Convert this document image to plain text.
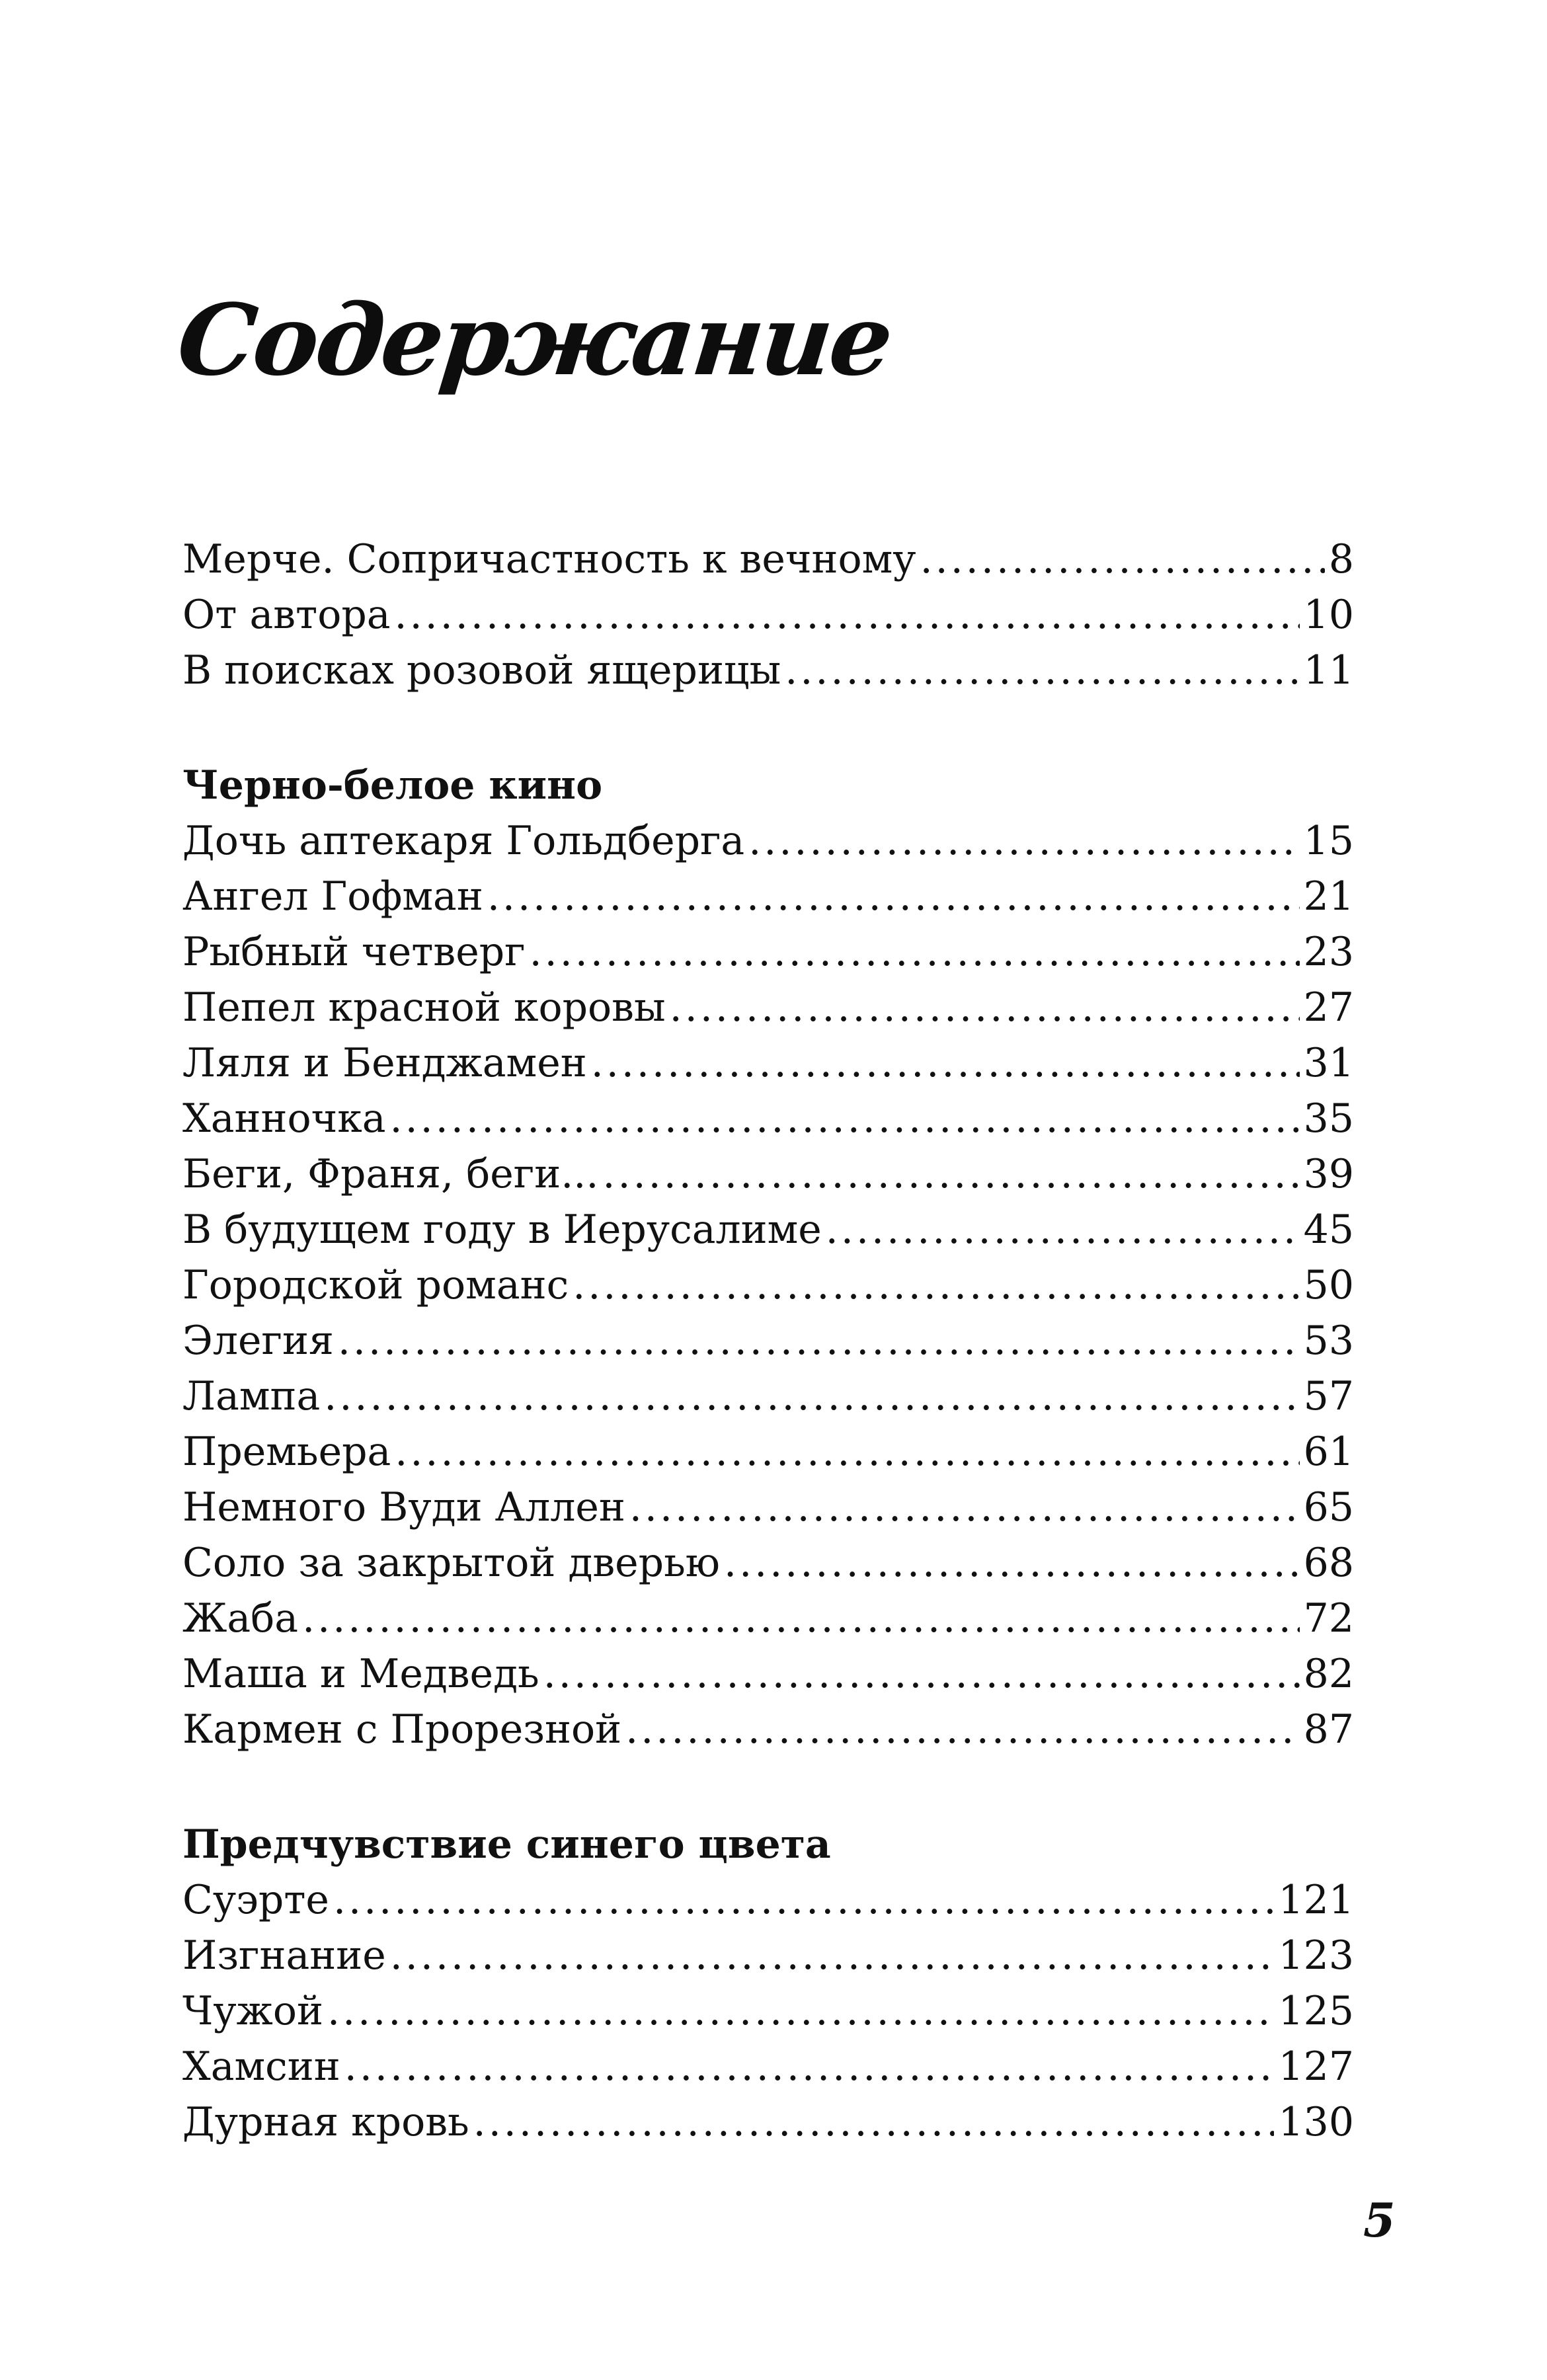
Содержание
Мерче. Сопричастность к вечному .....	8
От автора .....	10
В поисках розовой ящерицы .....	11
Черно-белое кино
Дочь аптекаря Гольдберга .....	15
Ангел Гофман .....	21
Рыбный четверг .....	23
Пепел красной коровы .....	27
Ляля и Бенджамен .....	31
Ханночка .....	35
Беги, Франя, беги... .....	39
В будущем году в Иерусалиме .....	45
Городской романс .....	50
Элегия .....	53
Лампа .....	57
Премьера .....	61
Немного Вуди Аллен .....	65
Соло за закрытой дверью .....	68
Жаба .....	72
Маша и Медведь .....	82
Кармен с Прорезной .....	87
Предчувствие синего цвета
Суэрте .....	121
Изгнание .....	123
Чужой .....	125
Хамсин .....	127
Дурная кровь .....	130
5
